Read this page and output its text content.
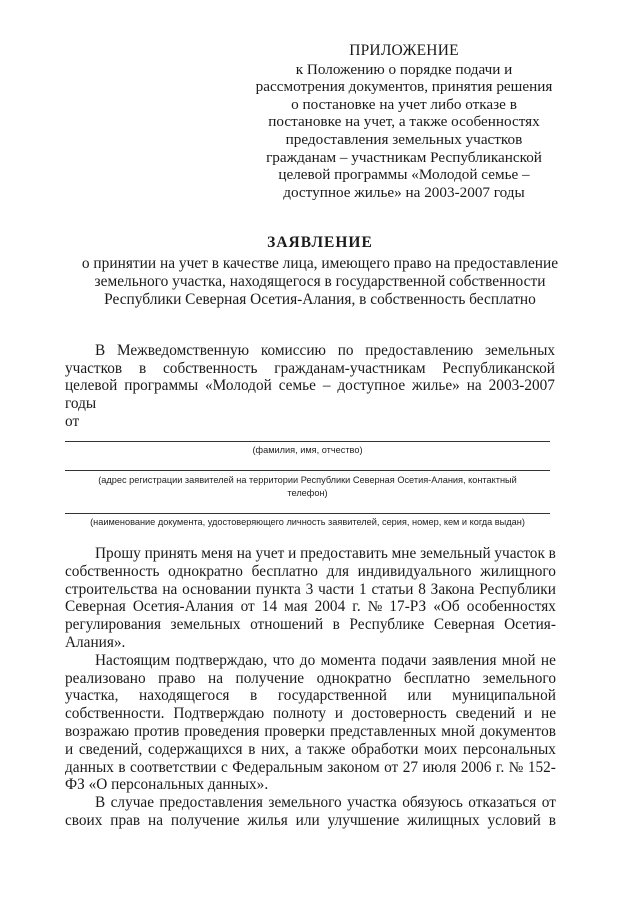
ПРИЛОЖЕНИЕ
к Положению о порядке подачи и
рассмотрения документов, принятия решения
о постановке на учет либо отказе в
постановке на учет, а также особенностях
предоставления земельных участков
гражданам – участникам Республиканской
целевой программы «Молодой семье –
доступное жилье» на 2003-2007 годы
ЗАЯВЛЕНИЕ
о принятии на учет в качестве лица, имеющего право на предоставление
земельного участка, находящегося в государственной собственности
Республики Северная Осетия-Алания, в собственность бесплатно
В Межведомственную комиссию по предоставлению земельных
участков в собственность гражданам-участникам Республиканской
целевой программы «Молодой семье – доступное жилье» на 2003-2007
годы
от
(фамилия, имя, отчество)
(адрес регистрации заявителей на территории Республики Северная Осетия-Алания, контактный
телефон)
(наименование документа, удостоверяющего личность заявителей, серия, номер, кем и когда выдан)
Прошу принять меня на учет и предоставить мне земельный участок в
собственность однократно бесплатно для индивидуального жилищного
строительства на основании пункта 3 части 1 статьи 8 Закона Республики
Северная Осетия-Алания от 14 мая 2004 г. № 17-РЗ «Об особенностях
регулирования земельных отношений в Республике Северная Осетия-
Алания».
Настоящим подтверждаю, что до момента подачи заявления мной не
реализовано право на получение однократно бесплатно земельного
участка, находящегося в государственной или муниципальной
собственности. Подтверждаю полноту и достоверность сведений и не
возражаю против проведения проверки представленных мной документов
и сведений, содержащихся в них, а также обработки моих персональных
данных в соответствии с Федеральным законом от 27 июля 2006 г. № 152-
ФЗ «О персональных данных».
В случае предоставления земельного участка обязуюсь отказаться от
своих прав на получение жилья или улучшение жилищных условий в
